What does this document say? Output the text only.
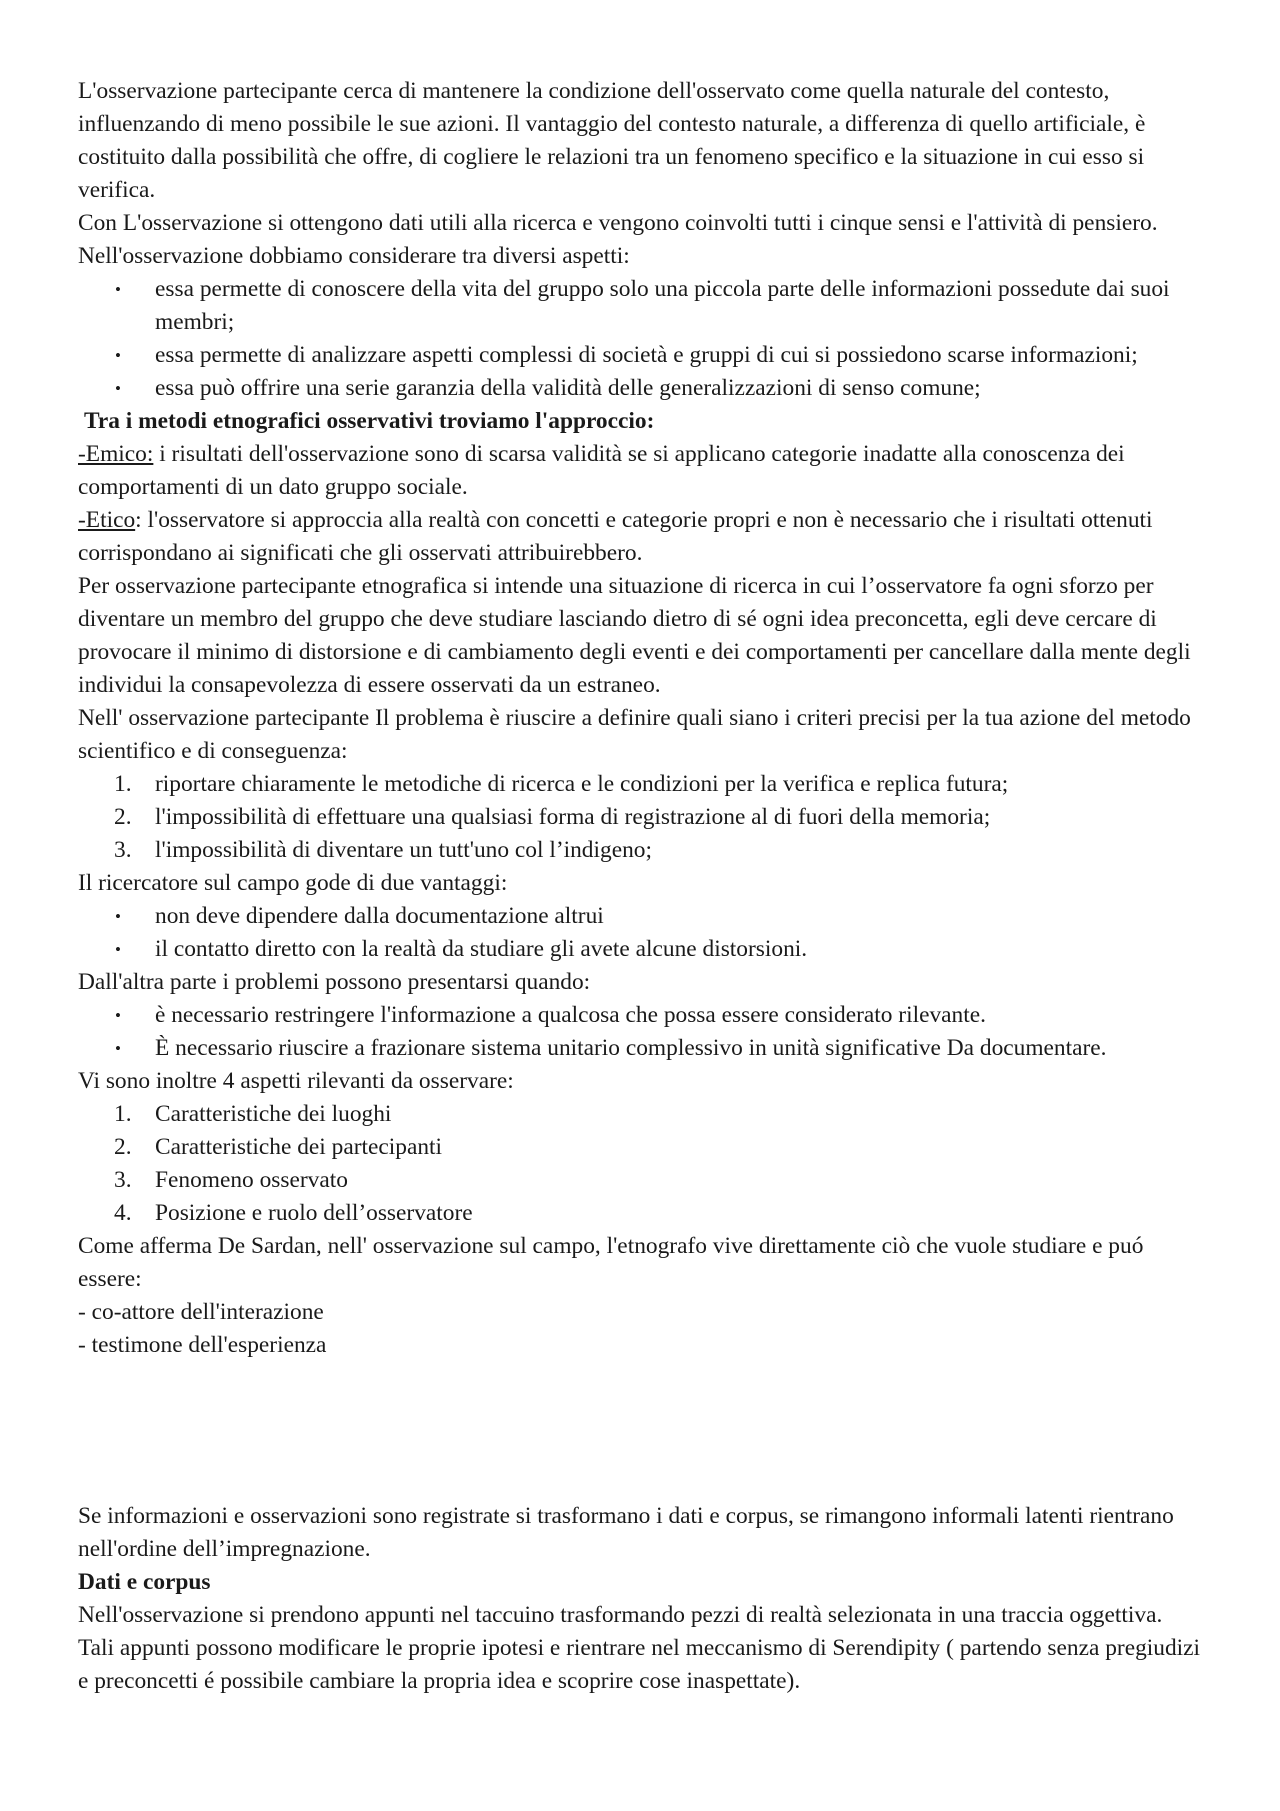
L'osservazione partecipante cerca di mantenere la condizione dell'osservato come quella naturale del contesto, influenzando di meno possibile le sue azioni. Il vantaggio del contesto naturale, a differenza di quello artificiale, è costituito dalla possibilità che offre, di cogliere le relazioni tra un fenomeno specifico e la situazione in cui esso si verifica.

Con L'osservazione si ottengono dati utili alla ricerca e vengono coinvolti tutti i cinque sensi e l'attività di pensiero. Nell'osservazione dobbiamo considerare tra diversi aspetti:

• essa permette di conoscere della vita del gruppo solo una piccola parte delle informazioni possedute dai suoi membri;
• essa permette di analizzare aspetti complessi di società e gruppi di cui si possiedono scarse informazioni;
• essa può offrire una serie garanzia della validità delle generalizzazioni di senso comune;

Tra i metodi etnografici osservativi troviamo l'approccio:

-Emico: i risultati dell'osservazione sono di scarsa validità se si applicano categorie inadatte alla conoscenza dei comportamenti di un dato gruppo sociale.

-Etico: l'osservatore si approccia alla realtà con concetti e categorie propri e non è necessario che i risultati ottenuti corrispondano ai significati che gli osservati attribuirebbero.

Per osservazione partecipante etnografica si intende una situazione di ricerca in cui l’osservatore fa ogni sforzo per diventare un membro del gruppo che deve studiare lasciando dietro di sé ogni idea preconcetta, egli deve cercare di provocare il minimo di distorsione e di cambiamento degli eventi e dei comportamenti per cancellare dalla mente degli individui la consapevolezza di essere osservati da un estraneo.

Nell' osservazione partecipante Il problema è riuscire a definire quali siano i criteri precisi per la tua azione del metodo scientifico e di conseguenza:

1. riportare chiaramente le metodiche di ricerca e le condizioni per la verifica e replica futura;
2. l'impossibilità di effettuare una qualsiasi forma di registrazione al di fuori della memoria;
3. l'impossibilità di diventare un tutt'uno col l’indigeno;

Il ricercatore sul campo gode di due vantaggi:

• non deve dipendere dalla documentazione altrui
• il contatto diretto con la realtà da studiare gli avete alcune distorsioni.

Dall'altra parte i problemi possono presentarsi quando:

• è necessario restringere l'informazione a qualcosa che possa essere considerato rilevante.
• È necessario riuscire a frazionare sistema unitario complessivo in unità significative Da documentare.

Vi sono inoltre 4 aspetti rilevanti da osservare:

1. Caratteristiche dei luoghi
2. Caratteristiche dei partecipanti
3. Fenomeno osservato
4. Posizione e ruolo dell’osservatore

Come afferma De Sardan, nell' osservazione sul campo, l'etnografo vive direttamente ciò che vuole studiare e puó essere:

- co-attore dell'interazione

- testimone dell'esperienza

Se informazioni e osservazioni sono registrate si trasformano i dati e corpus, se rimangono informali latenti rientrano nell'ordine dell’impregnazione.

Dati e corpus

Nell'osservazione si prendono appunti nel taccuino trasformando pezzi di realtà selezionata in una traccia oggettiva. Tali appunti possono modificare le proprie ipotesi e rientrare nel meccanismo di Serendipity ( partendo senza pregiudizi e preconcetti é possibile cambiare la propria idea e scoprire cose inaspettate).
